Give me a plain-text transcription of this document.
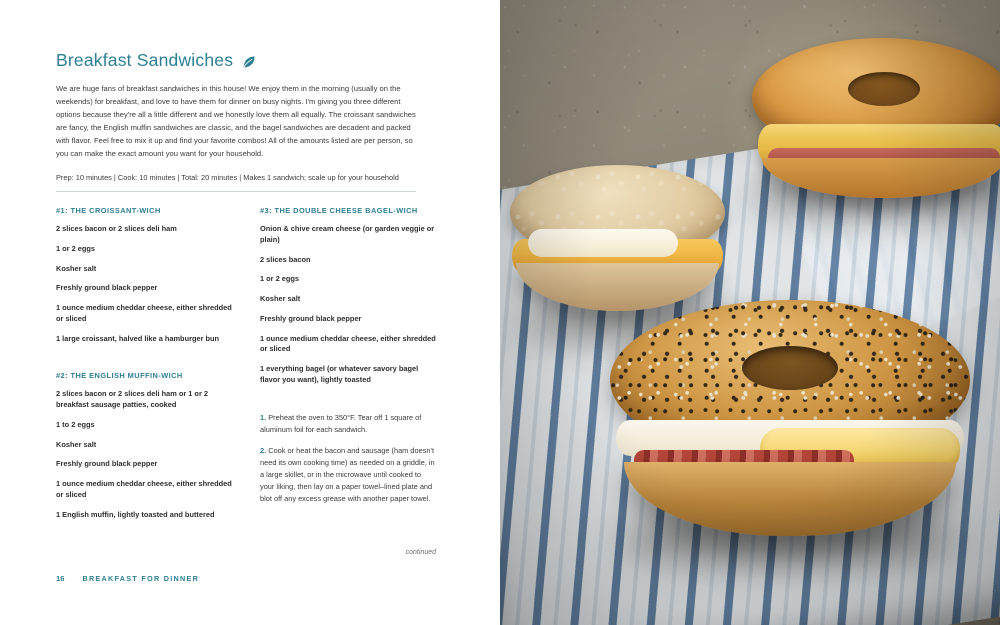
Breakfast Sandwiches

We are huge fans of breakfast sandwiches in this house! We enjoy them in the morning (usually on the weekends) for breakfast, and love to have them for dinner on busy nights. I'm giving you three different options because they're all a little different and we honestly love them all equally. The croissant sandwiches are fancy, the English muffin sandwiches are classic, and the bagel sandwiches are decadent and packed with flavor. Feel free to mix it up and find your favorite combos! All of the amounts listed are per person, so you can make the exact amount you want for your household.

Prep: 10 minutes | Cook: 10 minutes | Total: 20 minutes | Makes 1 sandwich; scale up for your household
#1: THE CROISSANT-WICH
2 slices bacon or 2 slices deli ham
1 or 2 eggs
Kosher salt
Freshly ground black pepper
1 ounce medium cheddar cheese, either shredded or sliced
1 large croissant, halved like a hamburger bun
#2: THE ENGLISH MUFFIN-WICH
2 slices bacon or 2 slices deli ham or 1 or 2 breakfast sausage patties, cooked
1 to 2 eggs
Kosher salt
Freshly ground black pepper
1 ounce medium cheddar cheese, either shredded or sliced
1 English muffin, lightly toasted and buttered
#3: THE DOUBLE CHEESE BAGEL-WICH
Onion & chive cream cheese (or garden veggie or plain)
2 slices bacon
1 or 2 eggs
Kosher salt
Freshly ground black pepper
1 ounce medium cheddar cheese, either shredded or sliced
1 everything bagel (or whatever savory bagel flavor you want), lightly toasted
1. Preheat the oven to 350°F. Tear off 1 square of aluminum foil for each sandwich.
2. Cook or heat the bacon and sausage (ham doesn't need its own cooking time) as needed on a griddle, in a large skillet, or in the microwave until cooked to your liking, then lay on a paper towel–lined plate and blot off any excess grease with another paper towel.
continued
16	BREAKFAST FOR DINNER
